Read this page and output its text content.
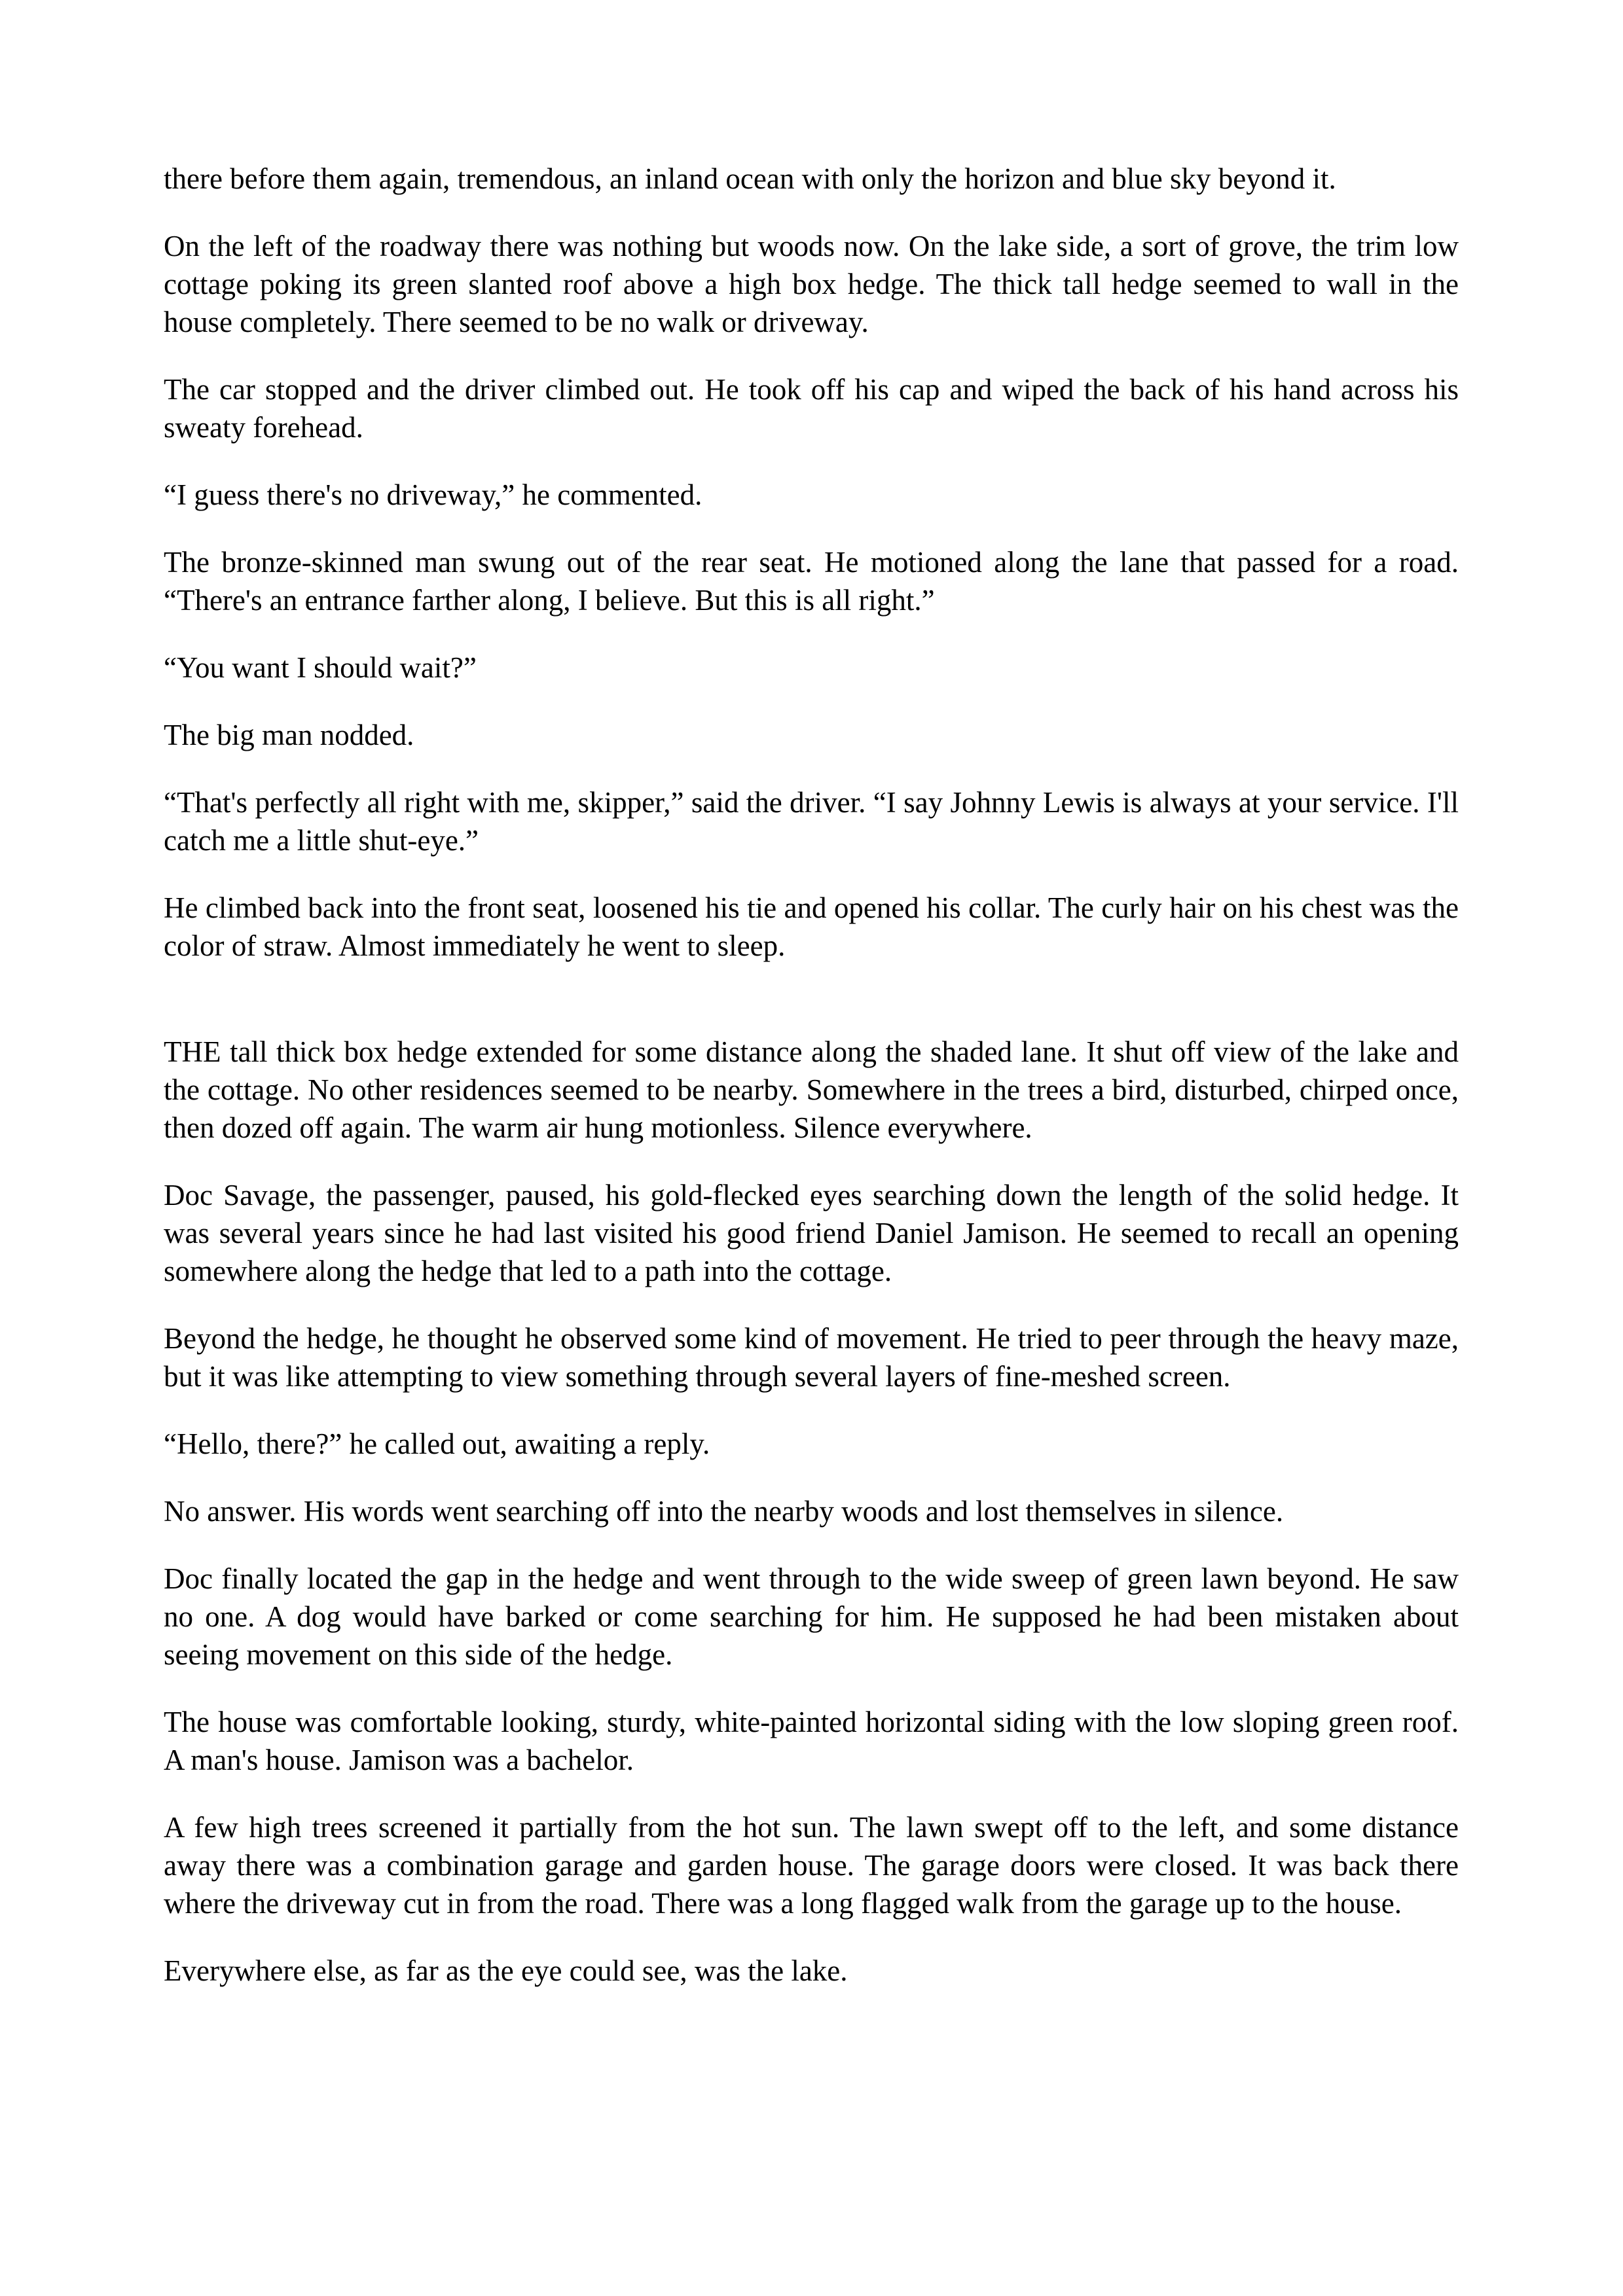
there before them again, tremendous, an inland ocean with only the horizon and blue sky beyond it.

On the left of the roadway there was nothing but woods now. On the lake side, a sort of grove, the trim low cottage poking its green slanted roof above a high box hedge. The thick tall hedge seemed to wall in the house completely. There seemed to be no walk or driveway.

The car stopped and the driver climbed out. He took off his cap and wiped the back of his hand across his sweaty forehead.

“I guess there's no driveway,” he commented.

The bronze-skinned man swung out of the rear seat. He motioned along the lane that passed for a road. “There's an entrance farther along, I believe. But this is all right.”

“You want I should wait?”

The big man nodded.

“That's perfectly all right with me, skipper,” said the driver. “I say Johnny Lewis is always at your service. I'll catch me a little shut-eye.”

He climbed back into the front seat, loosened his tie and opened his collar. The curly hair on his chest was the color of straw. Almost immediately he went to sleep.

THE tall thick box hedge extended for some distance along the shaded lane. It shut off view of the lake and the cottage. No other residences seemed to be nearby. Somewhere in the trees a bird, disturbed, chirped once, then dozed off again. The warm air hung motionless. Silence everywhere.

Doc Savage, the passenger, paused, his gold-flecked eyes searching down the length of the solid hedge. It was several years since he had last visited his good friend Daniel Jamison. He seemed to recall an opening somewhere along the hedge that led to a path into the cottage.

Beyond the hedge, he thought he observed some kind of movement. He tried to peer through the heavy maze, but it was like attempting to view something through several layers of fine-meshed screen.

“Hello, there?” he called out, awaiting a reply.

No answer. His words went searching off into the nearby woods and lost themselves in silence.

Doc finally located the gap in the hedge and went through to the wide sweep of green lawn beyond. He saw no one. A dog would have barked or come searching for him. He supposed he had been mistaken about seeing movement on this side of the hedge.

The house was comfortable looking, sturdy, white-painted horizontal siding with the low sloping green roof. A man's house. Jamison was a bachelor.

A few high trees screened it partially from the hot sun. The lawn swept off to the left, and some distance away there was a combination garage and garden house. The garage doors were closed. It was back there where the driveway cut in from the road. There was a long flagged walk from the garage up to the house.

Everywhere else, as far as the eye could see, was the lake.
